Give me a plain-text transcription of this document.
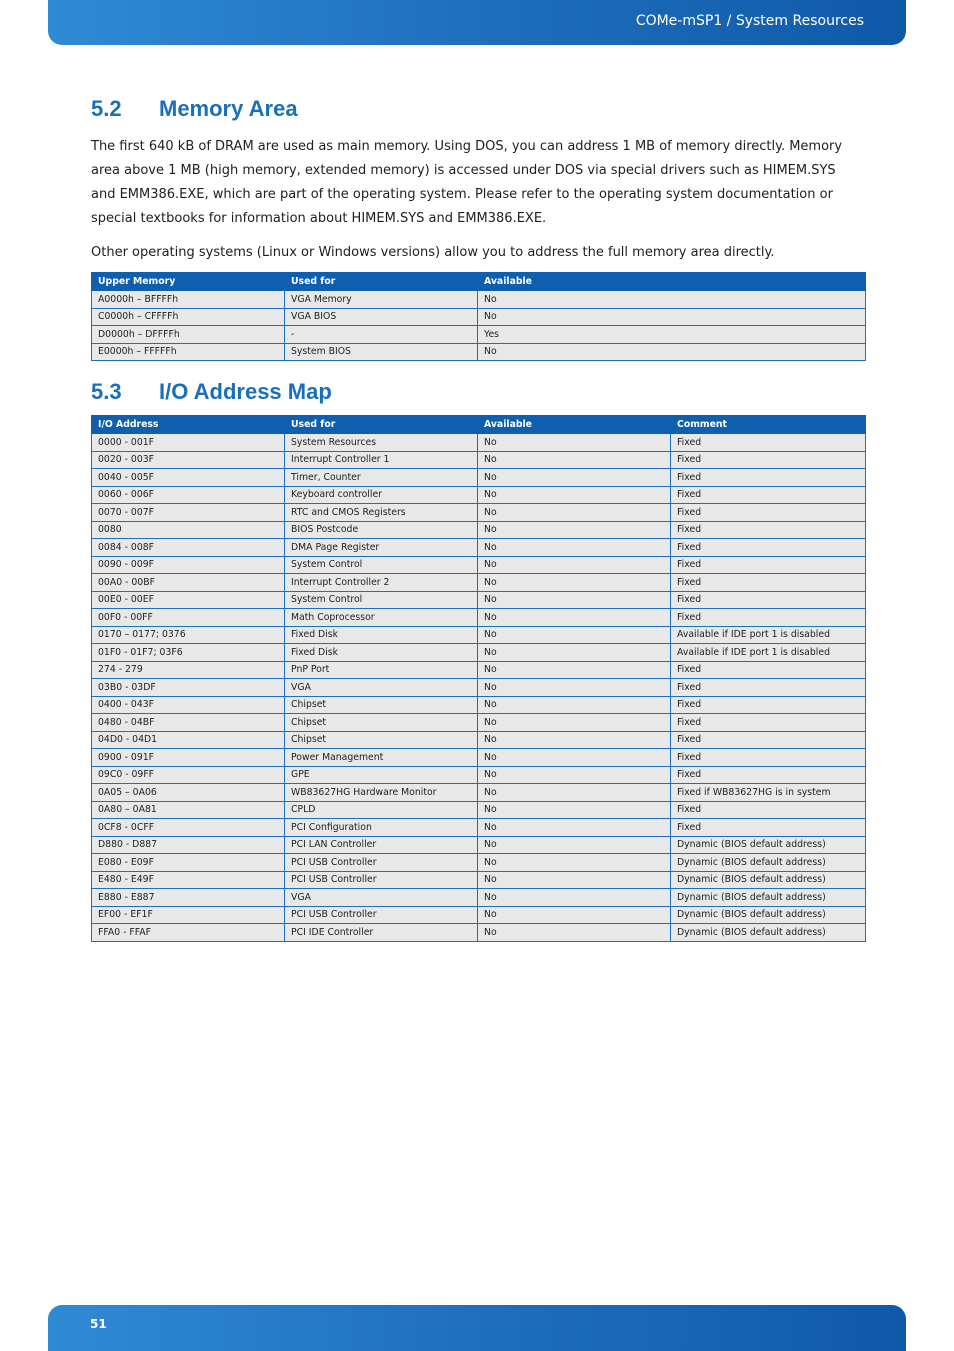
COMe-mSP1 / System Resources
5.2 Memory Area

The first 640 kB of DRAM are used as main memory. Using DOS, you can address 1 MB of memory directly. Memory area above 1 MB (high memory, extended memory) is accessed under DOS via special drivers such as HIMEM.SYS and EMM386.EXE, which are part of the operating system. Please refer to the operating system documentation or special textbooks for information about HIMEM.SYS and EMM386.EXE.

Other operating systems (Linux or Windows versions) allow you to address the full memory area directly.

Upper Memory	Used for	Available
A0000h – BFFFFh	VGA Memory	No
C0000h – CFFFFh	VGA BIOS	No
D0000h – DFFFFh	-	Yes
E0000h – FFFFFh	System BIOS	No
5.3 I/O Address Map
I/O Address	Used for	Available	Comment
0000 - 001F	System Resources	No	Fixed
0020 - 003F	Interrupt Controller 1	No	Fixed
0040 - 005F	Timer, Counter	No	Fixed
0060 - 006F	Keyboard controller	No	Fixed
0070 - 007F	RTC and CMOS Registers	No	Fixed
0080	BIOS Postcode	No	Fixed
0084 - 008F	DMA Page Register	No	Fixed
0090 - 009F	System Control	No	Fixed
00A0 - 00BF	Interrupt Controller 2	No	Fixed
00E0 - 00EF	System Control	No	Fixed
00F0 - 00FF	Math Coprocessor	No	Fixed
0170 – 0177; 0376	Fixed Disk	No	Available if IDE port 1 is disabled
01F0 - 01F7; 03F6	Fixed Disk	No	Available if IDE port 1 is disabled
274 - 279	PnP Port	No	Fixed
03B0 - 03DF	VGA	No	Fixed
0400 - 043F	Chipset	No	Fixed
0480 - 04BF	Chipset	No	Fixed
04D0 - 04D1	Chipset	No	Fixed
0900 - 091F	Power Management	No	Fixed
09C0 - 09FF	GPE	No	Fixed
0A05 – 0A06	WB83627HG Hardware Monitor	No	Fixed if WB83627HG is in system
0A80 – 0A81	CPLD	No	Fixed
0CF8 - 0CFF	PCI Configuration	No	Fixed
D880 - D887	PCI LAN Controller	No	Dynamic (BIOS default address)
E080 - E09F	PCI USB Controller	No	Dynamic (BIOS default address)
E480 - E49F	PCI USB Controller	No	Dynamic (BIOS default address)
E880 - E887	VGA	No	Dynamic (BIOS default address)
EF00 - EF1F	PCI USB Controller	No	Dynamic (BIOS default address)
FFA0 - FFAF	PCI IDE Controller	No	Dynamic (BIOS default address)
51
